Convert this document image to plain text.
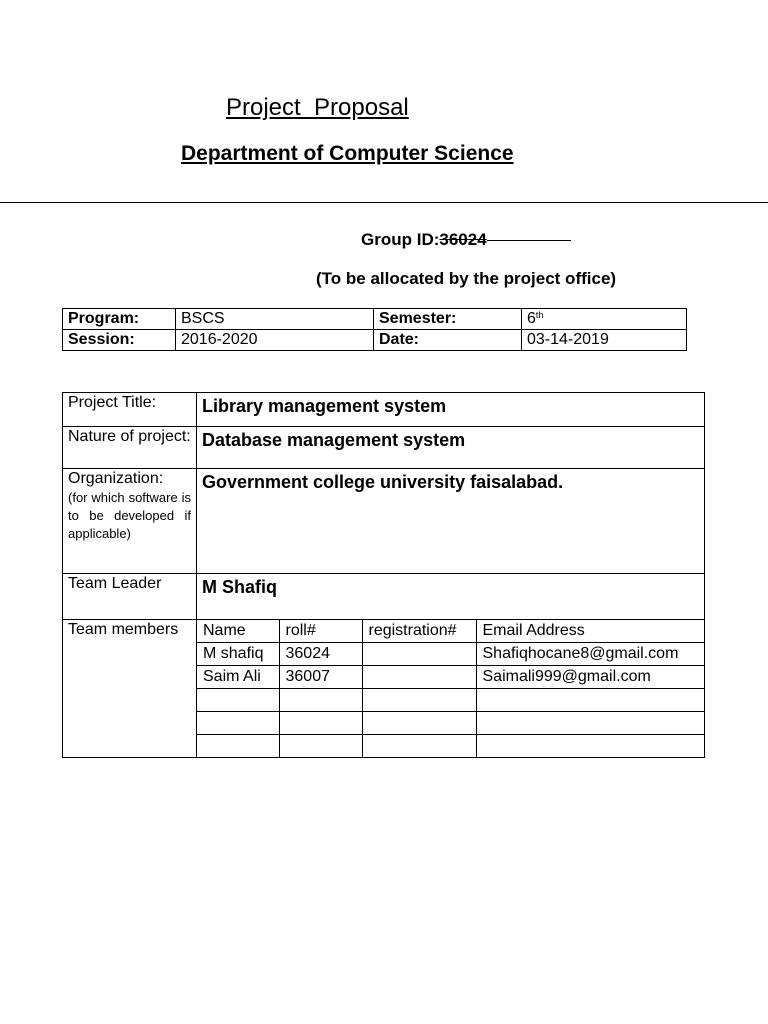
Project  Proposal
Department of Computer Science
Group ID:36024
(To be allocated by the project office)
Program:	BSCS	Semester:	6th
Session:	2016-2020	Date:	03-14-2019
Project Title:	Library management system
Nature of project:	Database management system
Organization:
(for which software is to be developed if applicable)
	Government college university faisalabad.
Team Leader	M Shafiq
Team members	Name	roll#	registration#	Email Address
M shafiq	36024		Shafiqhocane8@gmail.com
Saim Ali	36007		Saimali999@gmail.com
